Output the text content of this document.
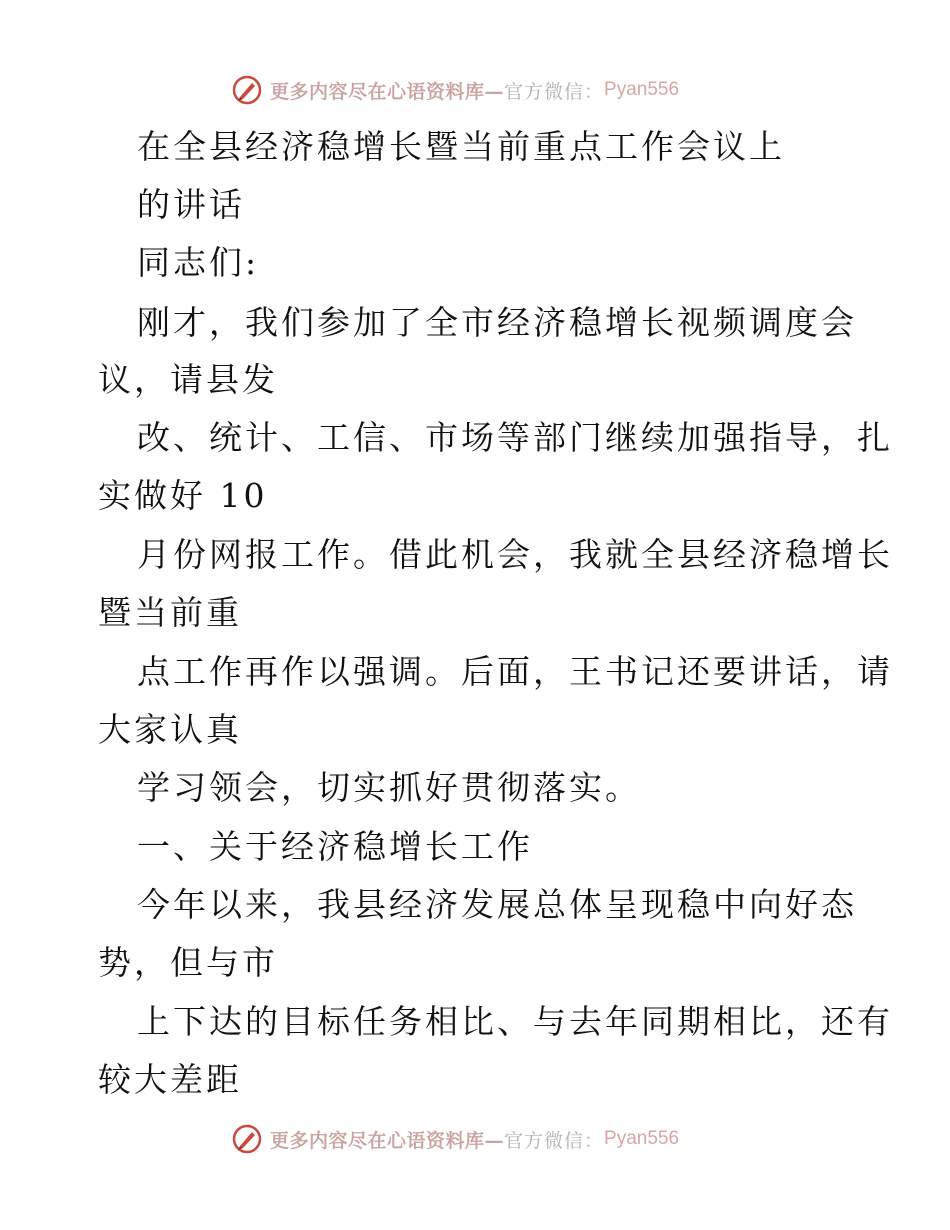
更多内容尽在心语资料库— 官方微信： Pyan556
在全县经济稳增长暨当前重点工作会议上
的讲话
同志们:
刚才，我们参加了全市经济稳增长视频调度会
议，请县发
改、统计、工信、市场等部门继续加强指导，扎
实做好 10
月份网报工作。借此机会，我就全县经济稳增长
暨当前重
点工作再作以强调。后面，王书记还要讲话，请
大家认真
学习领会，切实抓好贯彻落实。
一、关于经济稳增长工作
今年以来，我县经济发展总体呈现稳中向好态
势，但与市
上下达的目标任务相比、与去年同期相比，还有
较大差距
更多内容尽在心语资料库— 官方微信： Pyan556
